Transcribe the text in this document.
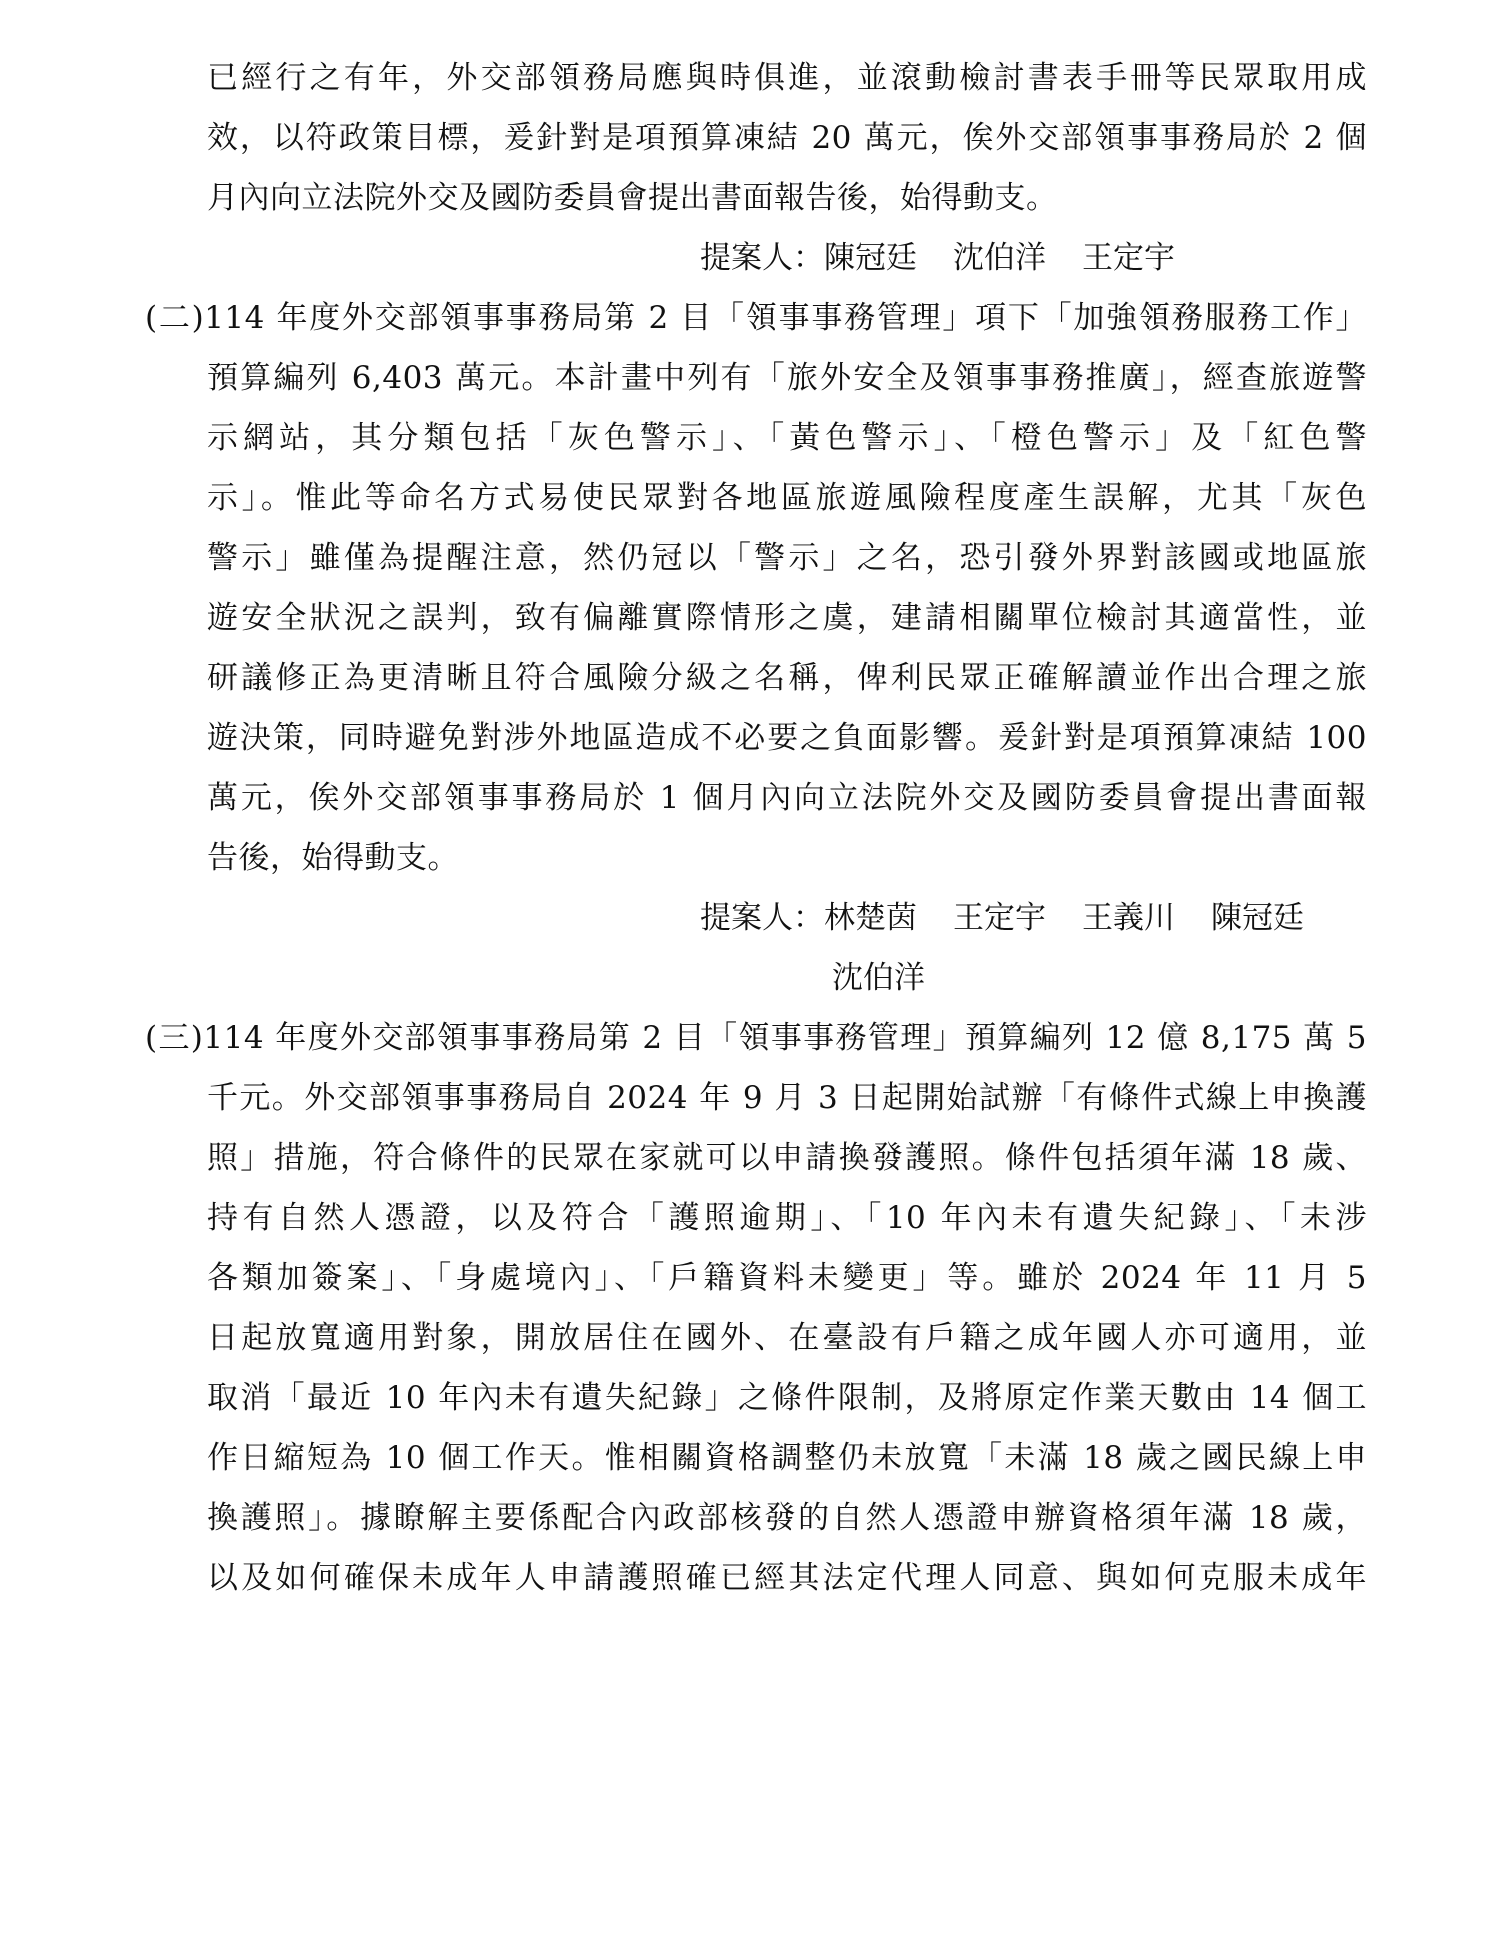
已經行之有年，外交部領務局應與時俱進，並滾動檢討書表手冊等民眾取用成
效，以符政策目標，爰針對是項預算凍結 20 萬元，俟外交部領事事務局於 2 個
月內向立法院外交及國防委員會提出書面報告後，始得動支。
提案人：陳冠廷 沈伯洋 王定宇
(二)114 年度外交部領事事務局第 2 目「領事事務管理」項下「加強領務服務工作」
預算編列 6,403 萬元。本計畫中列有「旅外安全及領事事務推廣」，經查旅遊警
示網站，其分類包括「灰色警示」、「黃色警示」、「橙色警示」及「紅色警
示」。惟此等命名方式易使民眾對各地區旅遊風險程度產生誤解，尤其「灰色
警示」雖僅為提醒注意，然仍冠以「警示」之名，恐引發外界對該國或地區旅
遊安全狀況之誤判，致有偏離實際情形之虞，建請相關單位檢討其適當性，並
研議修正為更清晰且符合風險分級之名稱，俾利民眾正確解讀並作出合理之旅
遊決策，同時避免對涉外地區造成不必要之負面影響。爰針對是項預算凍結 100
萬元，俟外交部領事事務局於 1 個月內向立法院外交及國防委員會提出書面報
告後，始得動支。
提案人：林楚茵 王定宇 王義川 陳冠廷
沈伯洋
(三)114 年度外交部領事事務局第 2 目「領事事務管理」預算編列 12 億 8,175 萬 5
千元。外交部領事事務局自 2024 年 9 月 3 日起開始試辦「有條件式線上申換護
照」措施，符合條件的民眾在家就可以申請換發護照。條件包括須年滿 18 歲、
持有自然人憑證，以及符合「護照逾期」、「10 年內未有遺失紀錄」、「未涉
各類加簽案」、「身處境內」、「戶籍資料未變更」等。雖於 2024 年 11 月 5
日起放寬適用對象，開放居住在國外、在臺設有戶籍之成年國人亦可適用，並
取消「最近 10 年內未有遺失紀錄」之條件限制，及將原定作業天數由 14 個工
作日縮短為 10 個工作天。惟相關資格調整仍未放寬「未滿 18 歲之國民線上申
換護照」。據瞭解主要係配合內政部核發的自然人憑證申辦資格須年滿 18 歲，
以及如何確保未成年人申請護照確已經其法定代理人同意、與如何克服未成年
